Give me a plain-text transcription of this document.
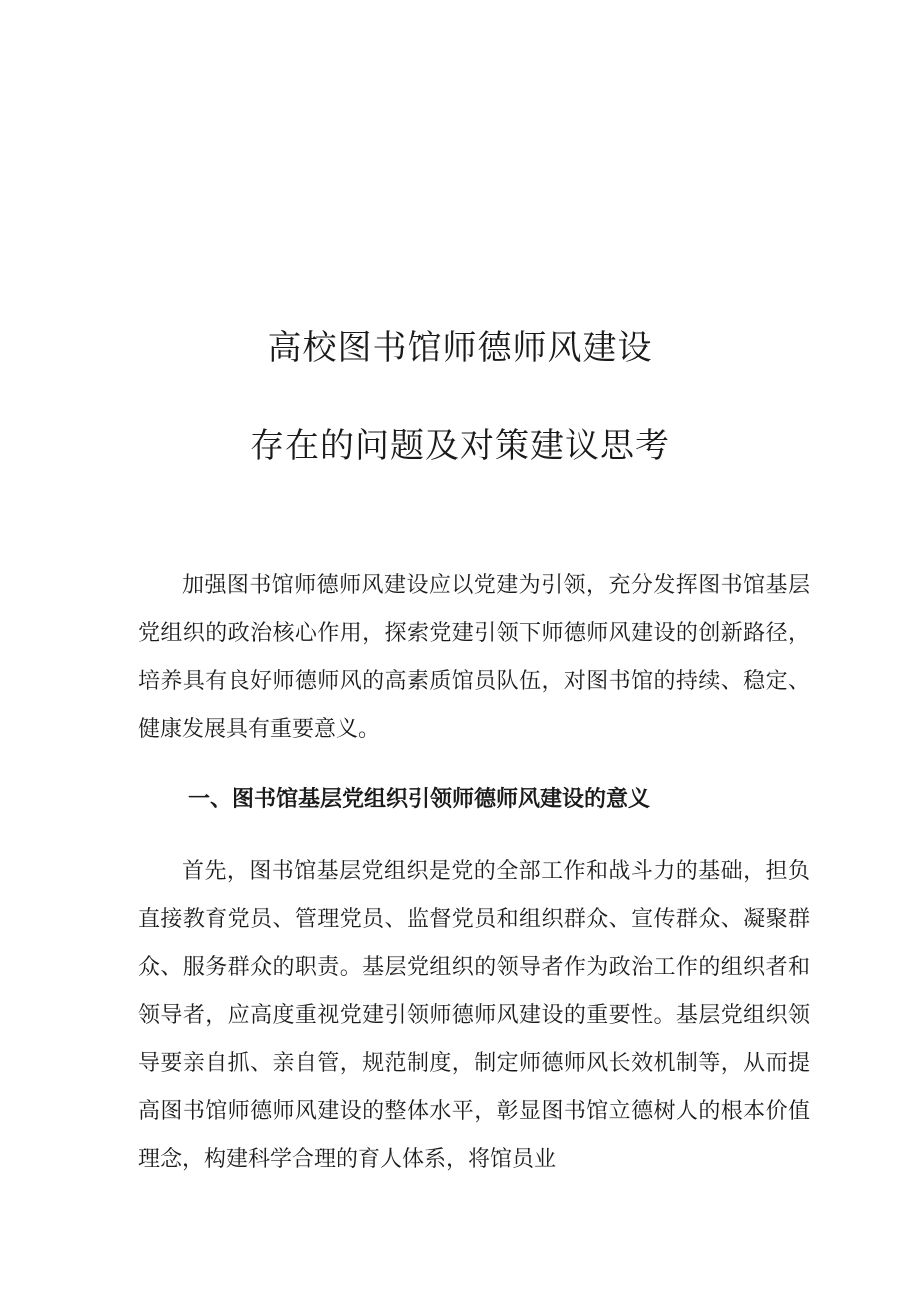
高校图书馆师德师风建设
存在的问题及对策建议思考

加强图书馆师德师风建设应以党建为引领，充分发挥图书馆基层党组织的政治核心作用，探索党建引领下师德师风建设的创新路径，培养具有良好师德师风的高素质馆员队伍，对图书馆的持续、稳定、健康发展具有重要意义。

一、图书馆基层党组织引领师德师风建设的意义

首先，图书馆基层党组织是党的全部工作和战斗力的基础，担负直接教育党员、管理党员、监督党员和组织群众、宣传群众、凝聚群众、服务群众的职责。基层党组织的领导者作为政治工作的组织者和领导者，应高度重视党建引领师德师风建设的重要性。基层党组织领导要亲自抓、亲自管，规范制度，制定师德师风长效机制等，从而提高图书馆师德师风建设的整体水平，彰显图书馆立德树人的根本价值理念，构建科学合理的育人体系，将馆员业
